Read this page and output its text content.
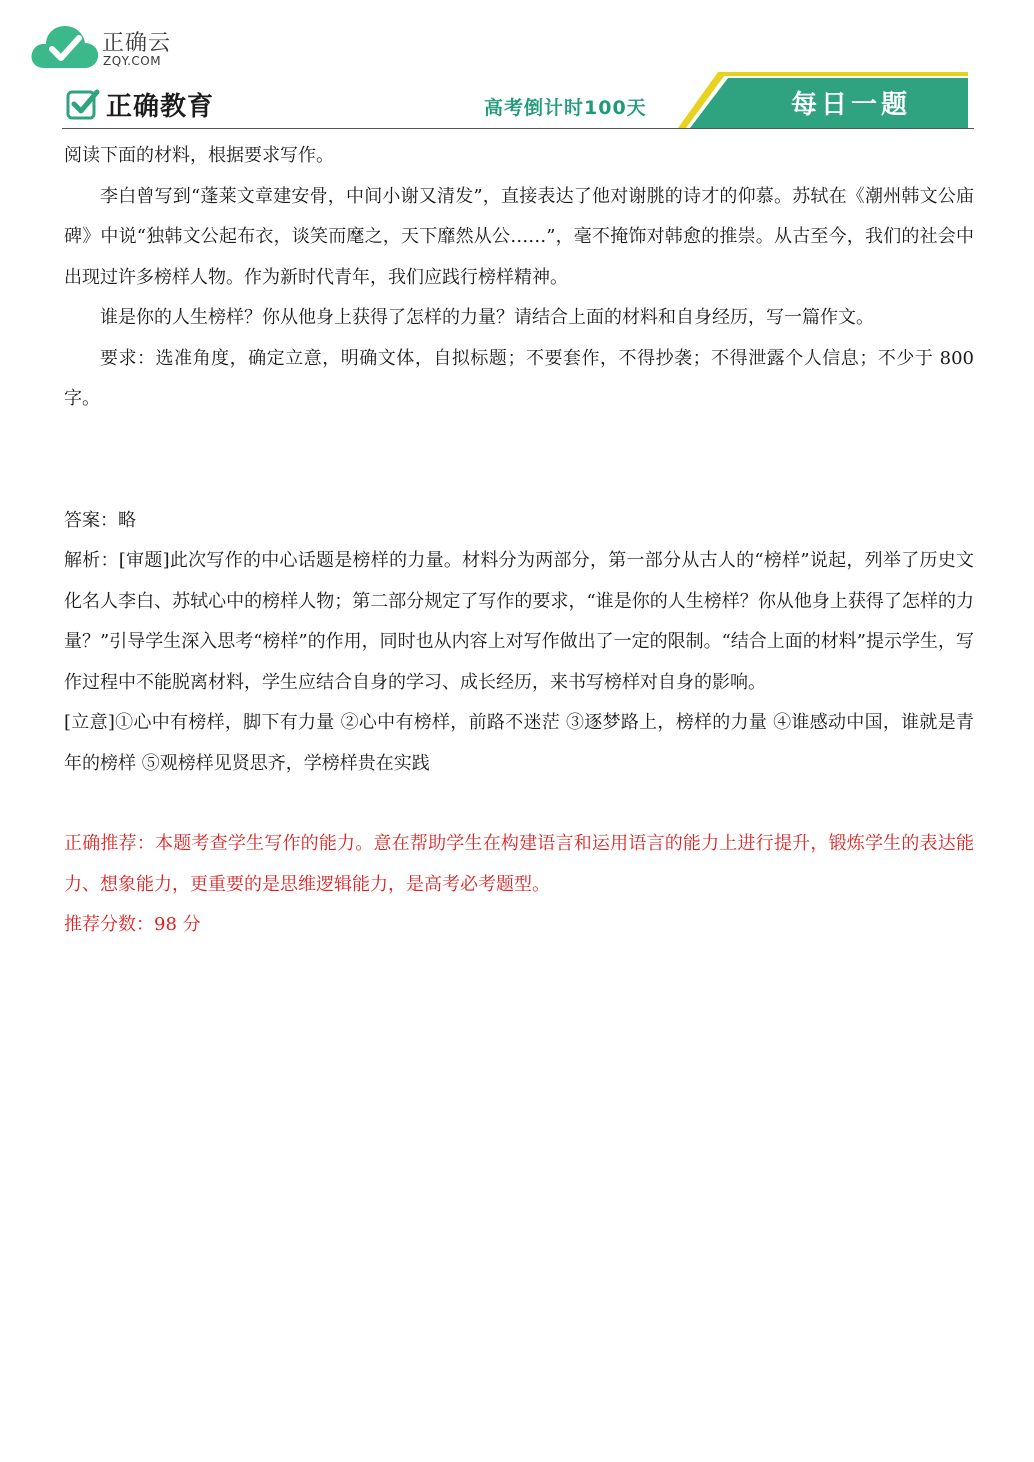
正确云
ZQY.COM
正确教育	高考倒计时100天	每日一题

阅读下面的材料，根据要求写作。

李白曾写到“蓬莱文章建安骨，中间小谢又清发”，直接表达了他对谢朓的诗才的仰慕。苏轼在《潮州韩文公庙碑》中说“独韩文公起布衣，谈笑而麾之，天下靡然从公……”，毫不掩饰对韩愈的推崇。从古至今，我们的社会中出现过许多榜样人物。作为新时代青年，我们应践行榜样精神。

谁是你的人生榜样？你从他身上获得了怎样的力量？请结合上面的材料和自身经历，写一篇作文。

要求：选准角度，确定立意，明确文体，自拟标题；不要套作，不得抄袭；不得泄露个人信息；不少于 800 字。

答案：略

解析：[审题]此次写作的中心话题是榜样的力量。材料分为两部分，第一部分从古人的“榜样”说起，列举了历史文化名人李白、苏轼心中的榜样人物；第二部分规定了写作的要求，“谁是你的人生榜样？你从他身上获得了怎样的力量？”引导学生深入思考“榜样”的作用，同时也从内容上对写作做出了一定的限制。“结合上面的材料”提示学生，写作过程中不能脱离材料，学生应结合自身的学习、成长经历，来书写榜样对自身的影响。

[立意]①心中有榜样，脚下有力量 ②心中有榜样，前路不迷茫 ③逐梦路上，榜样的力量 ④谁感动中国，谁就是青年的榜样 ⑤观榜样见贤思齐，学榜样贵在实践

正确推荐：本题考查学生写作的能力。意在帮助学生在构建语言和运用语言的能力上进行提升，锻炼学生的表达能力、想象能力，更重要的是思维逻辑能力，是高考必考题型。

推荐分数：98 分
